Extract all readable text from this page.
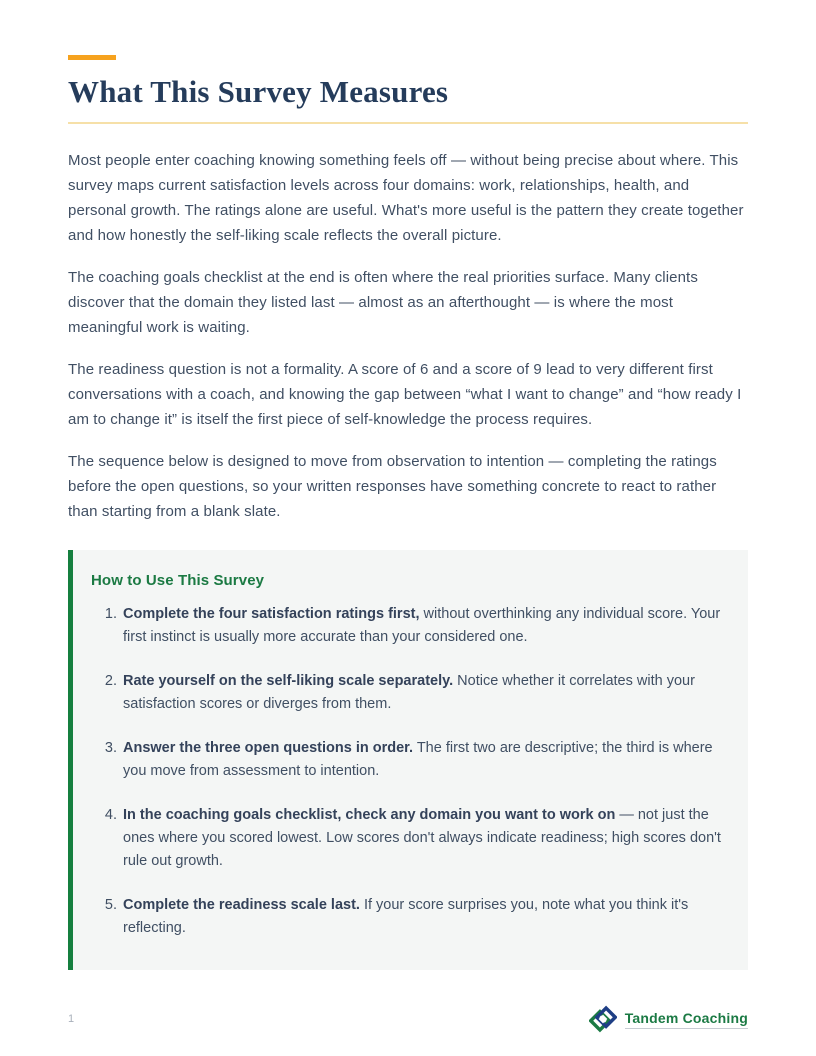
What This Survey Measures

Most people enter coaching knowing something feels off — without being precise about where. This survey maps current satisfaction levels across four domains: work, relationships, health, and personal growth. The ratings alone are useful. What's more useful is the pattern they create together and how honestly the self-liking scale reflects the overall picture.

The coaching goals checklist at the end is often where the real priorities surface. Many clients discover that the domain they listed last — almost as an afterthought — is where the most meaningful work is waiting.

The readiness question is not a formality. A score of 6 and a score of 9 lead to very different first conversations with a coach, and knowing the gap between “what I want to change” and “how ready I am to change it” is itself the first piece of self-knowledge the process requires.

The sequence below is designed to move from observation to intention — completing the ratings before the open questions, so your written responses have something concrete to react to rather than starting from a blank slate.

How to Use This Survey
1. Complete the four satisfaction ratings first, without overthinking any individual score. Your first instinct is usually more accurate than your considered one.
2. Rate yourself on the self-liking scale separately. Notice whether it correlates with your satisfaction scores or diverges from them.
3. Answer the three open questions in order. The first two are descriptive; the third is where you move from assessment to intention.
4. In the coaching goals checklist, check any domain you want to work on — not just the ones where you scored lowest. Low scores don't always indicate readiness; high scores don't rule out growth.
5. Complete the readiness scale last. If your score surprises you, note what you think it's reflecting.
1	Tandem Coaching
